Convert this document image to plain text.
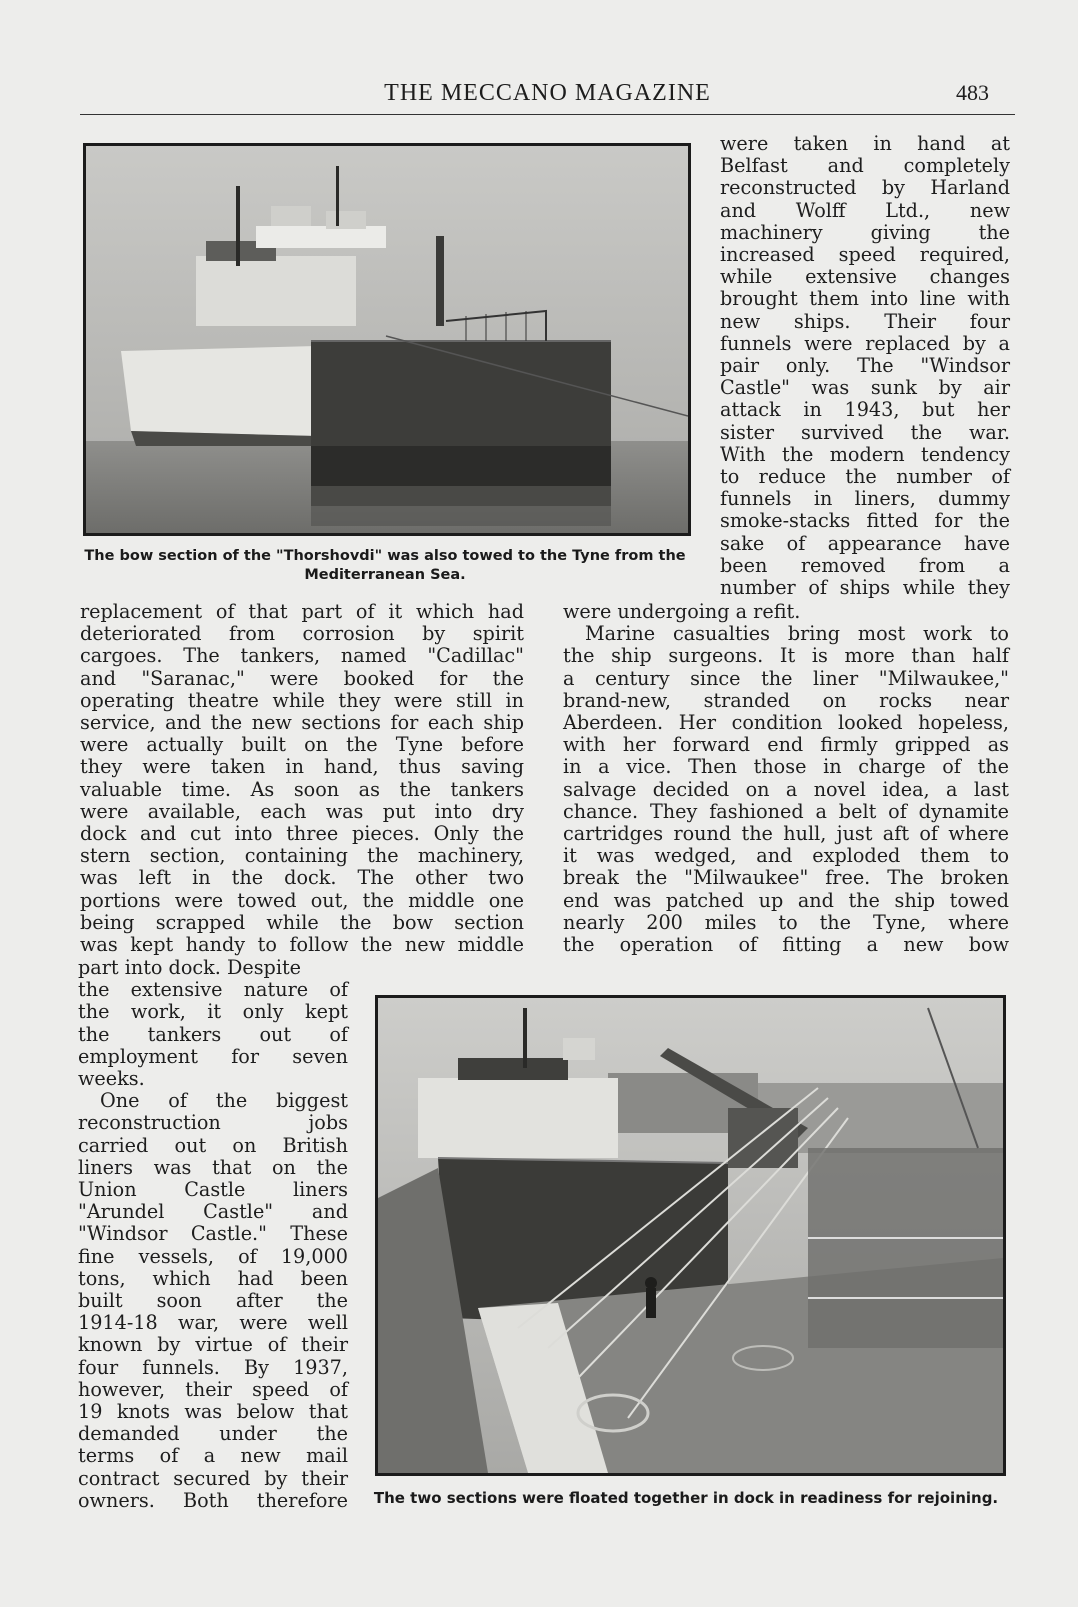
THE MECCANO MAGAZINE	483
The bow section of the "Thorshovdi" was also towed to the Tyne from the Mediterranean Sea.

were taken in hand at

Belfast and completely

reconstructed by Harland

and Wolff Ltd., new

machinery giving the

increased speed required,

while extensive changes

brought them into line with

new ships. Their four

funnels were replaced by a

pair only. The "Windsor

Castle" was sunk by air

attack in 1943, but her

sister survived the war.

With the modern tendency

to reduce the number of

funnels in liners, dummy

smoke-stacks fitted for the

sake of appearance have

been removed from a

number of ships while they

replacement of that part of it which had

deteriorated from corrosion by spirit

cargoes. The tankers, named "Cadillac"

and "Saranac," were booked for the

operating theatre while they were still in

service, and the new sections for each ship

were actually built on the Tyne before

they were taken in hand, thus saving

valuable time. As soon as the tankers

were available, each was put into dry

dock and cut into three pieces. Only the

stern section, containing the machinery,

was left in the dock. The other two

portions were towed out, the middle one

being scrapped while the bow section

was kept handy to follow the new middle

were undergoing a refit.

Marine casualties bring most work to

the ship surgeons. It is more than half

a century since the liner "Milwaukee,"

brand-new, stranded on rocks near

Aberdeen. Her condition looked hopeless,

with her forward end firmly gripped as

in a vice. Then those in charge of the

salvage decided on a novel idea, a last

chance. They fashioned a belt of dynamite

cartridges round the hull, just aft of where

it was wedged, and exploded them to

break the "Milwaukee" free. The broken

end was patched up and the ship towed

nearly 200 miles to the Tyne, where

the operation of fitting a new bow

part into dock. Despite

the extensive nature of

the work, it only kept

the tankers out of

employment for seven

weeks.

One of the biggest

reconstruction jobs

carried out on British

liners was that on the

Union Castle liners

"Arundel Castle" and

"Windsor Castle." These

fine vessels, of 19,000

tons, which had been

built soon after the

1914-18 war, were well

known by virtue of their

four funnels. By 1937,

however, their speed of

19 knots was below that

demanded under the

terms of a new mail

contract secured by their

owners. Both therefore	The two sections were floated together in dock in readiness for rejoining.
